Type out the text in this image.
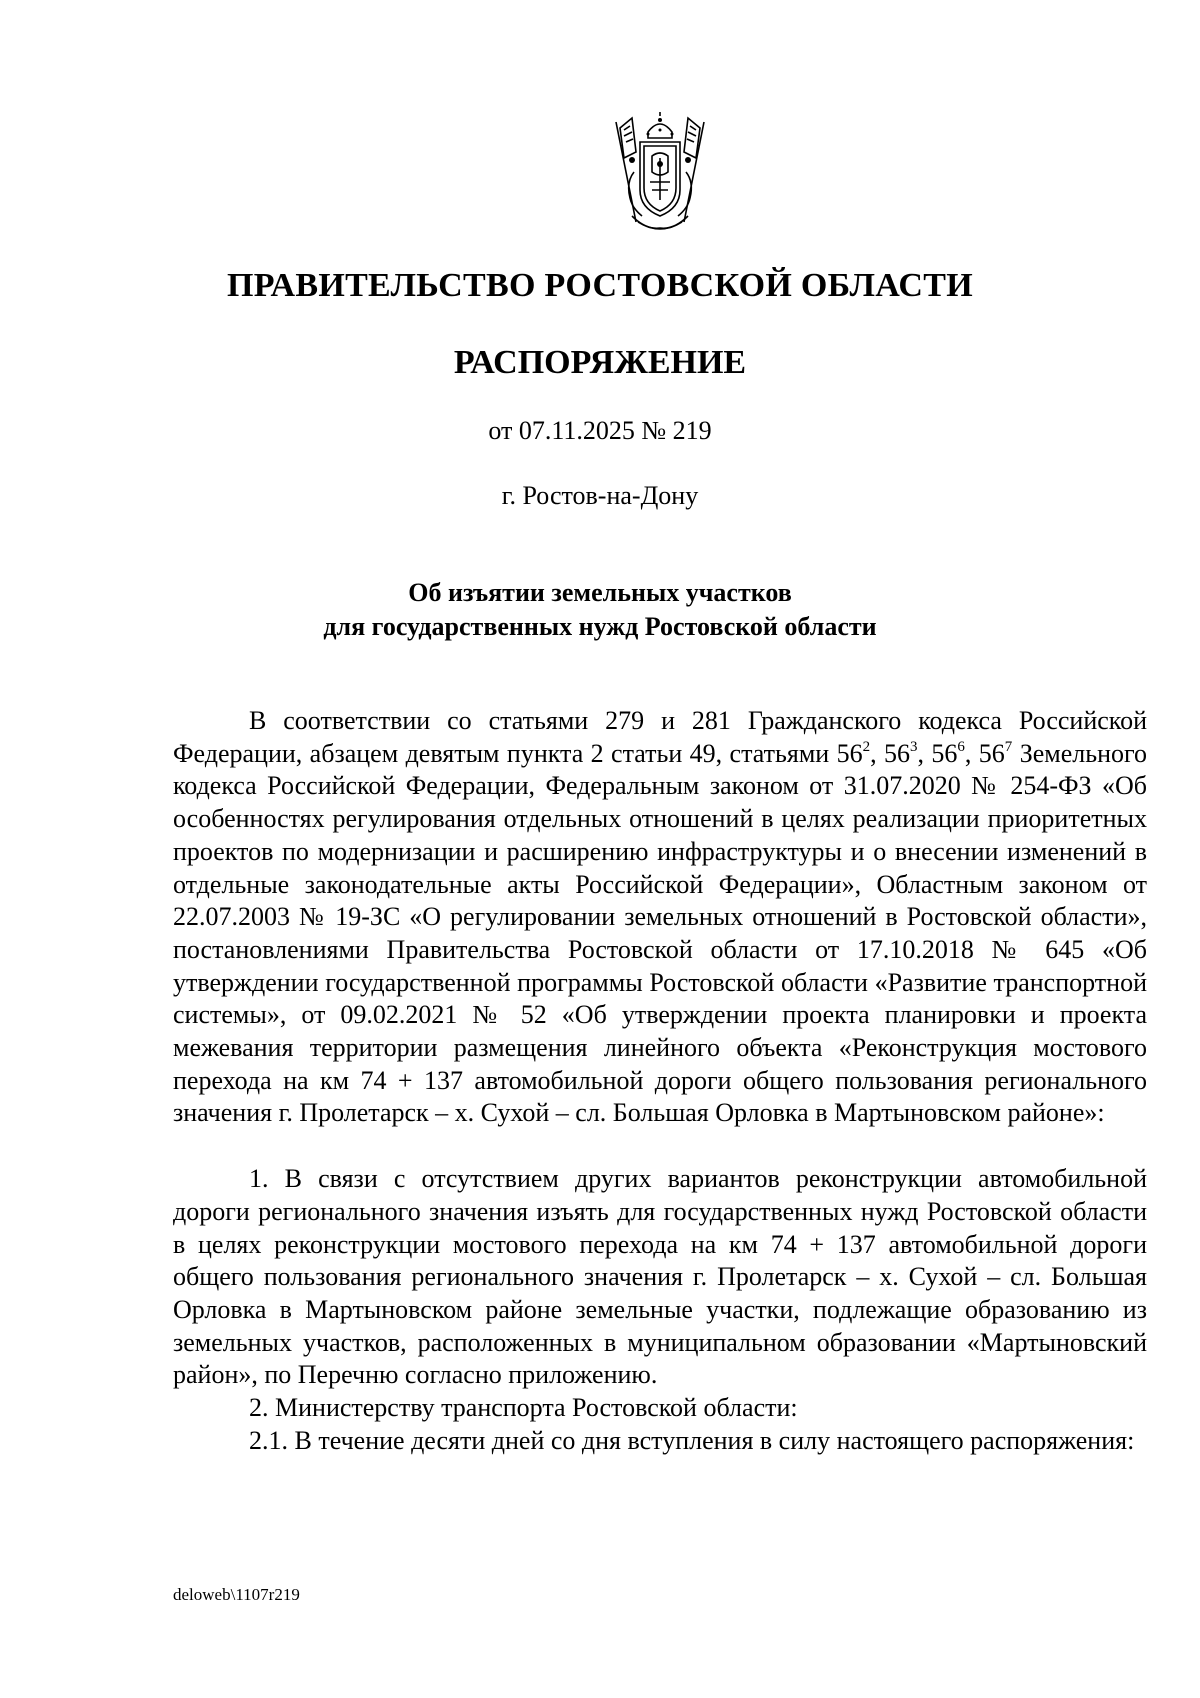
ПРАВИТЕЛЬСТВО РОСТОВСКОЙ ОБЛАСТИ
РАСПОРЯЖЕНИЕ
от 07.11.2025 № 219
г. Ростов-на-Дону
Об изъятии земельных участков
для государственных нужд Ростовской области

В соответствии со статьями 279 и 281 Гражданского кодекса Российской Федерации, абзацем девятым пункта 2 статьи 49, статьями $56^2$, $56^3$, $56^6$, $56^7$ Земельного кодекса Российской Федерации, Федеральным законом от 31.07.2020 № 254-ФЗ «Об особенностях регулирования отдельных отношений в целях реализации приоритетных проектов по модернизации и расширению инфраструктуры и о внесении изменений в отдельные законодательные акты Российской Федерации», Областным законом от 22.07.2003 № 19-ЗС «О регулировании земельных отношений в Ростовской области», постановлениями Правительства Ростовской области от 17.10.2018 № 645 «Об утверждении государственной программы Ростовской области «Развитие транспортной системы», от 09.02.2021 № 52 «Об утверждении проекта планировки и проекта межевания территории размещения линейного объекта «Реконструкция мостового перехода на км 74 + 137 автомобильной дороги общего пользования регионального значения г. Пролетарск – х. Сухой – сл. Большая Орловка в Мартыновском районе»:

1. В связи с отсутствием других вариантов реконструкции автомобильной дороги регионального значения изъять для государственных нужд Ростовской области в целях реконструкции мостового перехода на км 74 + 137 автомобильной дороги общего пользования регионального значения г. Пролетарск – х. Сухой – сл. Большая Орловка в Мартыновском районе земельные участки, подлежащие образованию из земельных участков, расположенных в муниципальном образовании «Мартыновский район», по Перечню согласно приложению.

2. Министерству транспорта Ростовской области:

2.1. В течение десяти дней со дня вступления в силу настоящего распоряжения:

deloweb\1107r219
